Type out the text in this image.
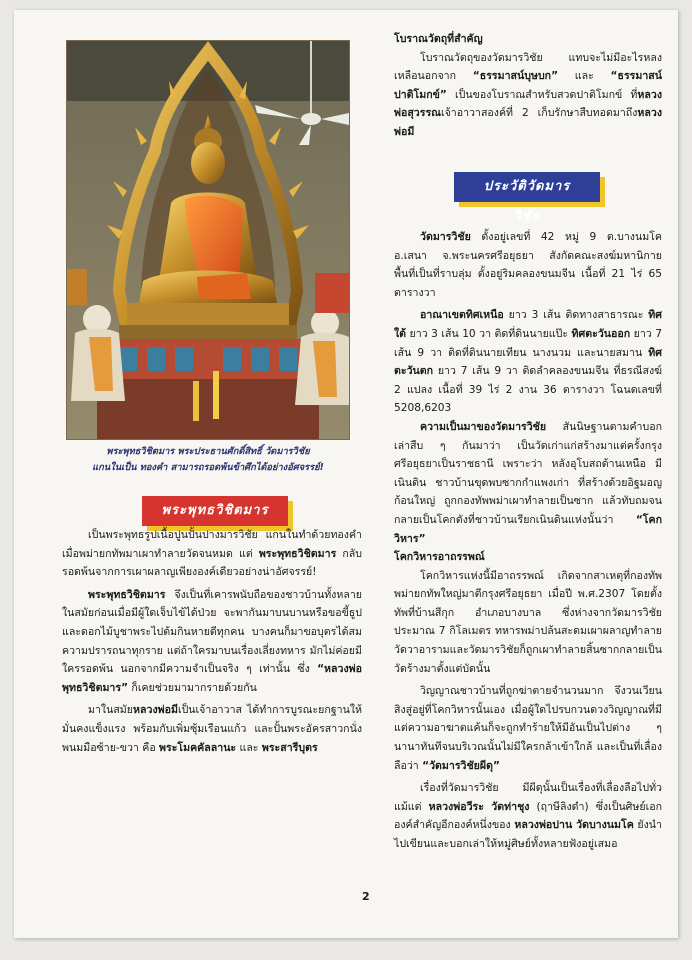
พระพุทธวิชิตมาร พระประธานศักดิ์สิทธิ์ วัดมารวิชัย
แกนในเป็น ทองคำ สามารถรอดพ้นข้าศึกได้อย่างอัศจรรย์!
พระพุทธวิชิตมาร
ประวัติวัดมารวิชัย

เป็นพระพุทธรูปเนื้อปูนปั้นปางมารวิชัย แกนในทำด้วยทองคำ เมื่อพม่ายกทัพมาเผาทำลายวัดจนหมด แต่ พระพุทธวิชิตมาร กลับรอดพ้นจากการเผาผลาญเพียงองค์เดียวอย่างน่าอัศจรรย์!

พระพุทธวิชิตมาร จึงเป็นที่เคารพนับถือของชาวบ้านทั้งหลายในสมัยก่อนเมื่อมีผู้ใดเจ็บไข้ได้ป่วย จะพากันมาบนบานหรือขอขี้ธูปและดอกไม้บูชาพระไปต้มกินหายดีทุกคน บางคนก็มาขอบุตรได้สมความปรารถนาทุกราย แต่ถ้าใครมาบนเรื่องเลี่ยงทหาร มักไม่ค่อยมีใครรอดพ้น นอกจากมีความจำเป็นจริง ๆ เท่านั้น ซึ่ง “หลวงพ่อพุทธวิชิตมาร” ก็เคยช่วยมามากรายด้วยกัน

มาในสมัยหลวงพ่อมีเป็นเจ้าอาวาส ได้ทำการบูรณะยกฐานให้มั่นคงแข็งแรง พร้อมกับเพิ่มซุ้มเรือนแก้ว และปั้นพระอัครสาวกนั่งพนมมือซ้าย-ขวา คือ พระโมคคัลลานะ และ พระสารีบุตร

โบราณวัตถุที่สำคัญ

โบราณวัตถุของวัดมารวิชัย แทบจะไม่มีอะไรหลงเหลือนอกจาก “ธรรมาสน์บุษบก” และ “ธรรมาสน์ปาติโมกข์” เป็นของโบราณสำหรับสวดปาติโมกข์ ที่หลวงพ่อสุวรรณเจ้าอาวาสองค์ที่ 2 เก็บรักษาสืบทอดมาถึงหลวงพ่อมี

วัดมารวิชัย ตั้งอยู่เลขที่ 42 หมู่ 9 ต.บางนมโค อ.เสนา จ.พระนครศรีอยุธยา สังกัดคณะสงฆ์มหานิกาย พื้นที่เป็นที่ราบลุ่ม ตั้งอยู่ริมคลองขนมจีน เนื้อที่ 21 ไร่ 65 ตารางวา

อาณาเขตทิศเหนือ ยาว 3 เส้น ติดทางสาธารณะ ทิศใต้ ยาว 3 เส้น 10 วา ติดที่ดินนายแป๊ะ ทิศตะวันออก ยาว 7 เส้น 9 วา ติดที่ดินนายเทียน นางนวม และนายสมาน ทิศตะวันตก ยาว 7 เส้น 9 วา ติดลำคลองขนมจีน ที่ธรณีสงฆ์ 2 แปลง เนื้อที่ 39 ไร่ 2 งาน 36 ตารางวา โฉนดเลขที่ 5208,6203

ความเป็นมาของวัดมารวิชัย สันนิษฐานตามคำบอกเล่าสืบ ๆ กันมาว่า เป็นวัดเก่าแก่สร้างมาแต่ครั้งกรุงศรีอยุธยาเป็นราชธานี เพราะว่า หลังอุโบสถด้านเหนือ มีเนินดิน ชาวบ้านขุดพบซากกำแพงเก่า ที่สร้างด้วยอิฐมอญก้อนใหญ่ ถูกกองทัพพม่าเผาทำลายเป็นซาก แล้วทับถมจนกลายเป็นโคกดังที่ชาวบ้านเรียกเนินดินแห่งนั้นว่า “โคกวิหาร”

โคกวิหารอาถรรพณ์

โคกวิหารแห่งนี้มีอาถรรพณ์ เกิดจากสาเหตุที่กองทัพพม่ายกทัพใหญ่มาตีกรุงศรีอยุธยา เมื่อปี พ.ศ.2307 โดยตั้งทัพที่บ้านสีกุก อำเภอบางบาล ซึ่งห่างจากวัดมารวิชัย ประมาณ 7 กิโลเมตร ทหารพม่าปล้นสะดมเผาผลาญทำลายวัดวาอารามและวัดมารวิชัยก็ถูกเผาทำลายสิ้นซากกลายเป็นวัดร้างมาตั้งแต่บัดนั้น

วิญญาณชาวบ้านที่ถูกฆ่าตายจำนวนมาก จึงวนเวียนสิงสู่อยู่ที่โคกวิหารนั้นเอง เมื่อผู้ใดไปรบกวนดวงวิญญาณที่มีแต่ความอาฆาตแค้นก็จะถูกทำร้ายให้มีอันเป็นไปต่าง ๆ นานาทันทีจนบริเวณนั้นไม่มีใครกล้าเข้าใกล้ และเป็นที่เลื่องลือว่า “วัดมารวิชัยผีดุ”

เรื่องที่วัดมารวิชัย มีผีดุนั้นเป็นเรื่องที่เลื่องลือไปทั่ว แม้แต่ หลวงพ่อวีระ วัดท่าชุง (ฤาษีลิงดำ) ซึ่งเป็นศิษย์เอกองค์สำคัญอีกองค์หนึ่งของ หลวงพ่อปาน วัดบางนมโค ยังนำไปเขียนและบอกเล่าให้หมู่ศิษย์ทั้งหลายฟังอยู่เสมอ

2
